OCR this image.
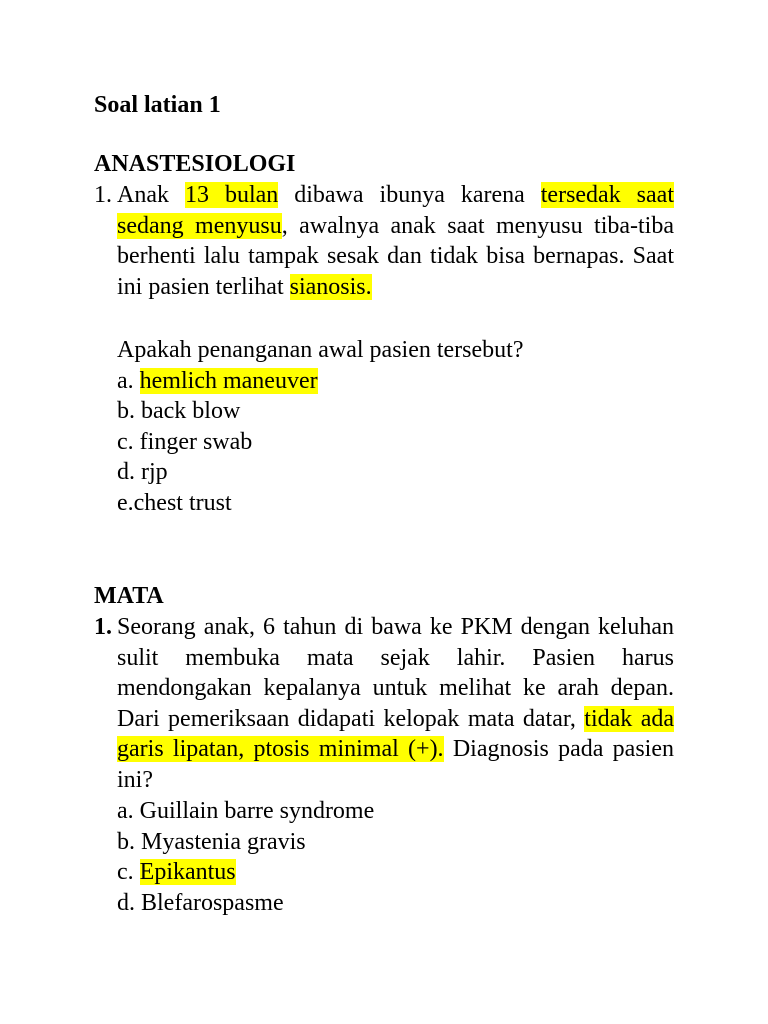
Soal latian 1
ANASTESIOLOGI
1. Anak 13 bulan dibawa ibunya karena tersedak saat sedang menyusu, awalnya anak saat menyusu tiba-tiba berhenti lalu tampak sesak dan tidak bisa bernapas. Saat ini pasien terlihat sianosis.
Apakah penanganan awal pasien tersebut?
a. hemlich maneuver
b. back blow
c. finger swab
d. rjp
e.chest trust
MATA
1. Seorang anak, 6 tahun di bawa ke PKM dengan keluhan sulit membuka mata sejak lahir. Pasien harus mendongakan kepalanya untuk melihat ke arah depan. Dari pemeriksaan didapati kelopak mata datar, tidak ada garis lipatan, ptosis minimal (+). Diagnosis pada pasien ini?
a. Guillain barre syndrome
b. Myastenia gravis
c. Epikantus
d. Blefarospasme
